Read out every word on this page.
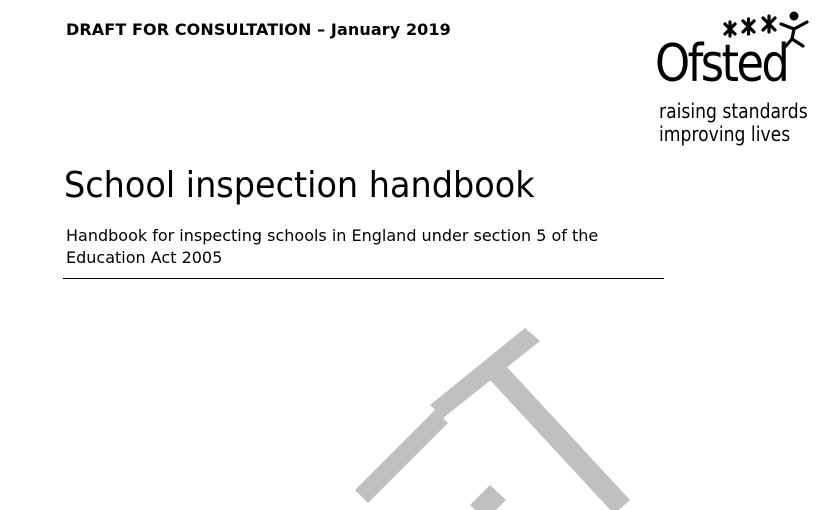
DRAFT FOR CONSULTATION – January 2019
Ofsted
raising standards
improving lives
School inspection handbook
Handbook for inspecting schools in England under section 5 of the Education Act 2005
